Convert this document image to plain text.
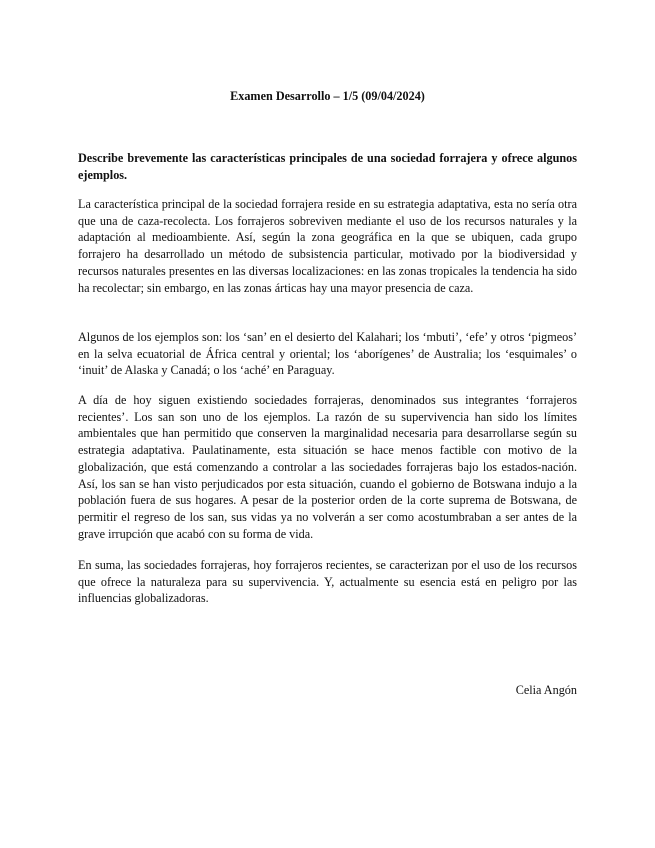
Examen Desarrollo – 1/5 (09/04/2024)
Describe brevemente las características principales de una sociedad forrajera y ofrece algunos ejemplos.

La característica principal de la sociedad forrajera reside en su estrategia adaptativa, esta no sería otra que una de caza-recolecta. Los forrajeros sobreviven mediante el uso de los recursos naturales y la adaptación al medioambiente. Así, según la zona geográfica en la que se ubiquen, cada grupo forrajero ha desarrollado un método de subsistencia particular, motivado por la biodiversidad y recursos naturales presentes en las diversas localizaciones: en las zonas tropicales la tendencia ha sido ha recolectar; sin embargo, en las zonas árticas hay una mayor presencia de caza.

Algunos de los ejemplos son: los ‘san’ en el desierto del Kalahari; los ‘mbuti’, ‘efe’ y otros ‘pigmeos’ en la selva ecuatorial de África central y oriental; los ‘aborígenes’ de Australia; los ‘esquimales’ o ‘inuit’ de Alaska y Canadá; o los ‘aché’ en Paraguay.

A día de hoy siguen existiendo sociedades forrajeras, denominados sus integrantes ‘forrajeros recientes’. Los san son uno de los ejemplos. La razón de su supervivencia han sido los límites ambientales que han permitido que conserven la marginalidad necesaria para desarrollarse según su estrategia adaptativa. Paulatinamente, esta situación se hace menos factible con motivo de la globalización, que está comenzando a controlar a las sociedades forrajeras bajo los estados-nación. Así, los san se han visto perjudicados por esta situación, cuando el gobierno de Botswana indujo a la población fuera de sus hogares. A pesar de la posterior orden de la corte suprema de Botswana, de permitir el regreso de los san, sus vidas ya no volverán a ser como acostumbraban a ser antes de la grave irrupción que acabó con su forma de vida.

En suma, las sociedades forrajeras, hoy forrajeros recientes, se caracterizan por el uso de los recursos que ofrece la naturaleza para su supervivencia. Y, actualmente su esencia está en peligro por las influencias globalizadoras.

Celia Angón
